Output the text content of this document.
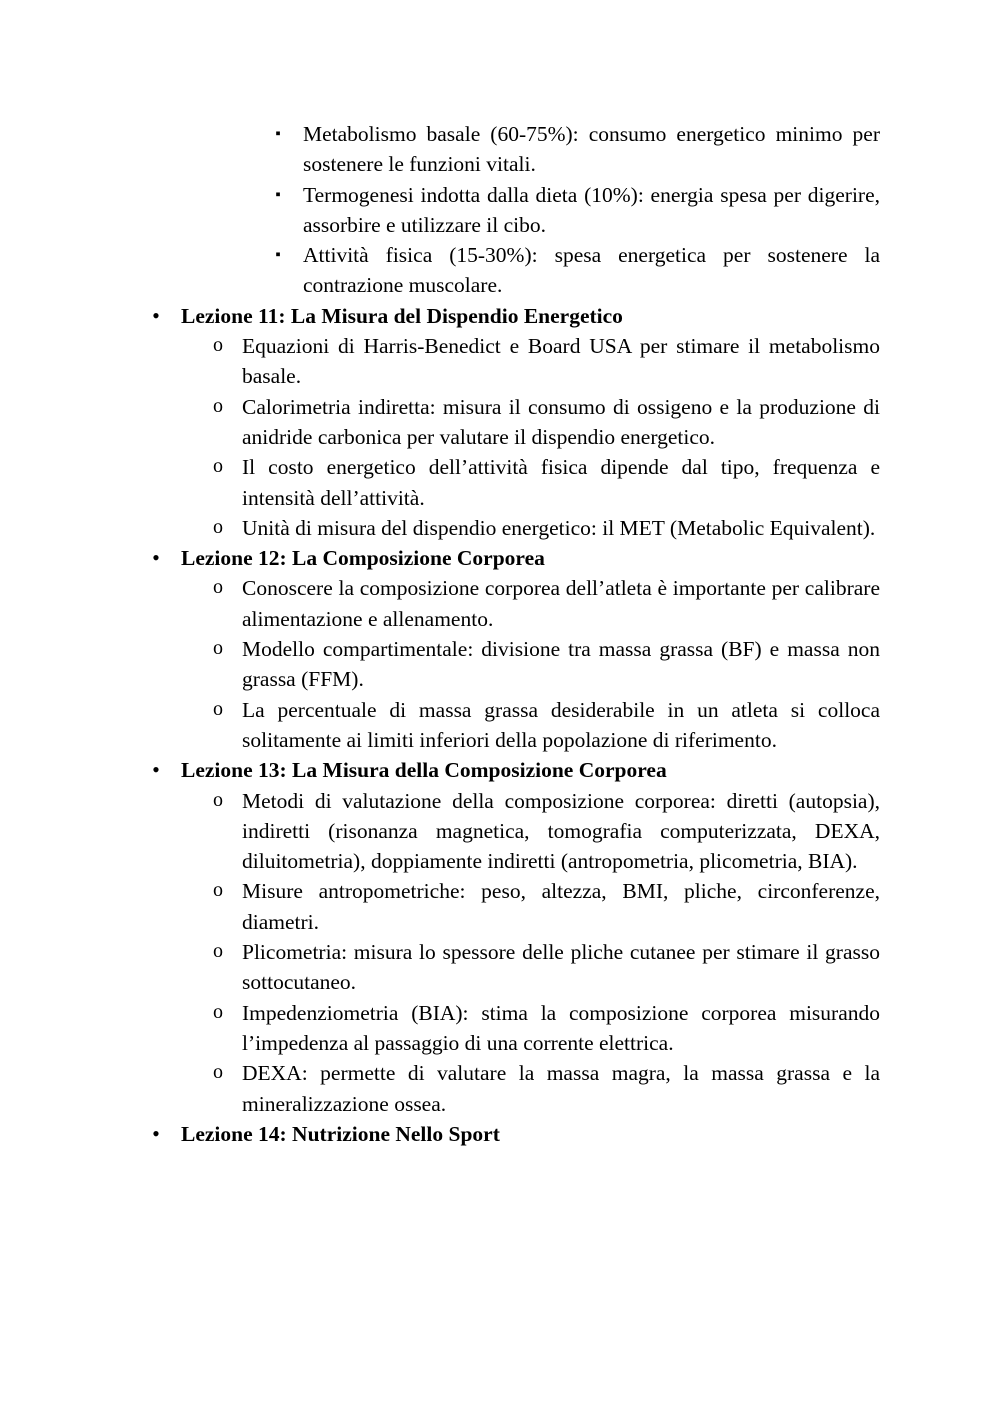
▪ Metabolismo basale (60-75%): consumo energetico minimo per sostenere le funzioni vitali.
▪ Termogenesi indotta dalla dieta (10%): energia spesa per digerire, assorbire e utilizzare il cibo.
▪ Attività fisica (15-30%): spesa energetica per sostenere la contrazione muscolare.
• Lezione 11: La Misura del Dispendio Energetico
o Equazioni di Harris-Benedict e Board USA per stimare il metabolismo basale.
o Calorimetria indiretta: misura il consumo di ossigeno e la produzione di anidride carbonica per valutare il dispendio energetico.
o Il costo energetico dell’attività fisica dipende dal tipo, frequenza e intensità dell’attività.
o Unità di misura del dispendio energetico: il MET (Metabolic Equivalent).
• Lezione 12: La Composizione Corporea
o Conoscere la composizione corporea dell’atleta è importante per calibrare alimentazione e allenamento.
o Modello compartimentale: divisione tra massa grassa (BF) e massa non grassa (FFM).
o La percentuale di massa grassa desiderabile in un atleta si colloca solitamente ai limiti inferiori della popolazione di riferimento.
• Lezione 13: La Misura della Composizione Corporea
o Metodi di valutazione della composizione corporea: diretti (autopsia), indiretti (risonanza magnetica, tomografia computerizzata, DEXA, diluitometria), doppiamente indiretti (antropometria, plicometria, BIA).
o Misure antropometriche: peso, altezza, BMI, pliche, circonferenze, diametri.
o Plicometria: misura lo spessore delle pliche cutanee per stimare il grasso sottocutaneo.
o Impedenziometria (BIA): stima la composizione corporea misurando l’impedenza al passaggio di una corrente elettrica.
o DEXA: permette di valutare la massa magra, la massa grassa e la mineralizzazione ossea.
• Lezione 14: Nutrizione Nello Sport
